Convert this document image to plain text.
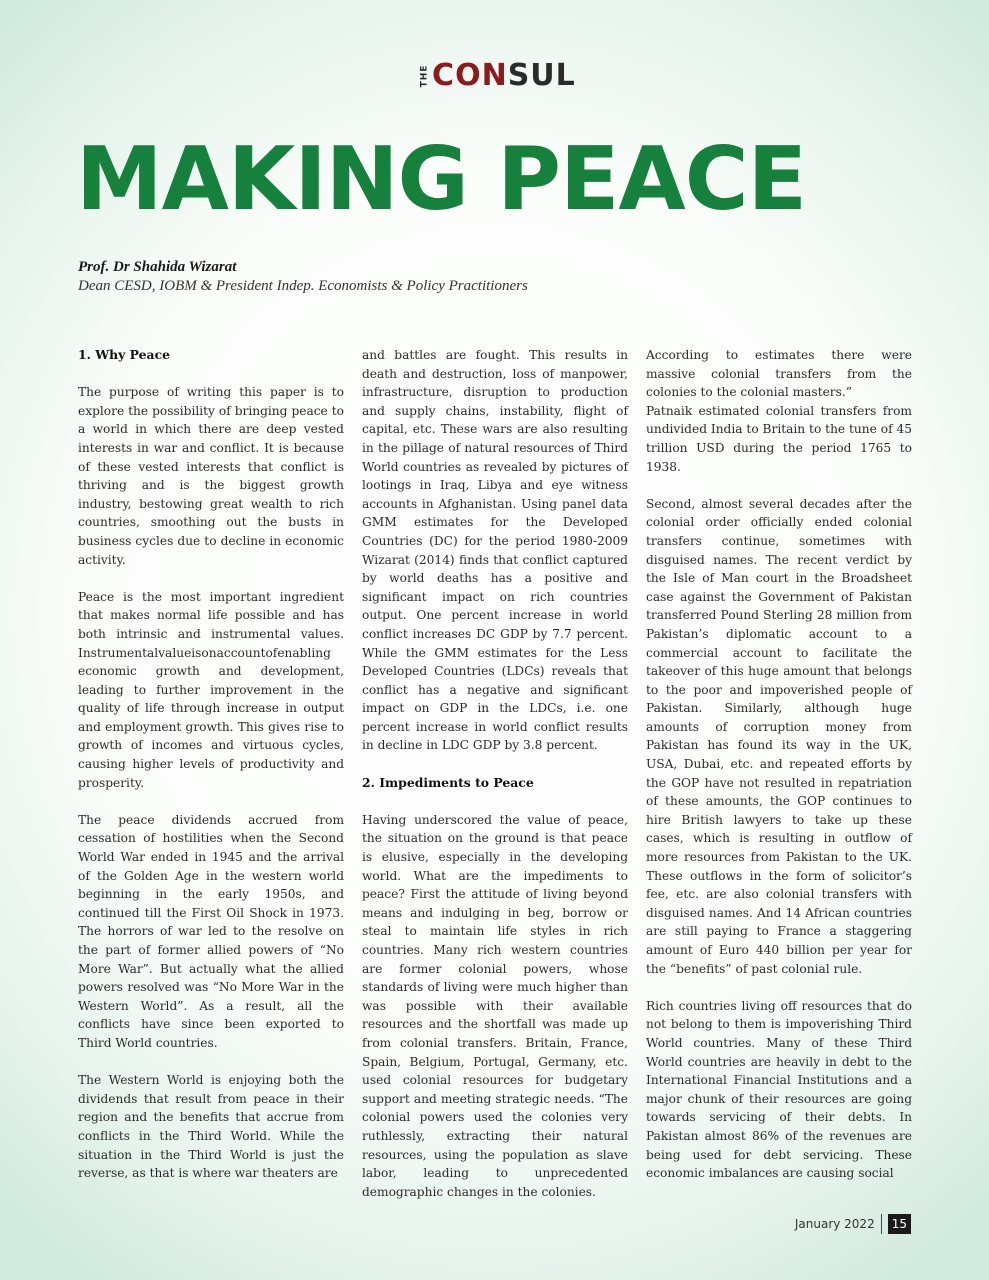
THECONSUL
MAKING PEACE
Prof. Dr Shahida Wizarat
Dean CESD, IOBM & President Indep. Economists & Policy Practitioners
1. Why Peace

The purpose of writing this paper is to explore the possibility of bringing peace to a world in which there are deep vested interests in war and conflict. It is because of these vested interests that conflict is thriving and is the biggest growth industry, bestowing great wealth to rich countries, smoothing out the busts in business cycles due to decline in economic activity.

Peace is the most important ingredient that makes normal life possible and has both intrinsic and instrumental values. Instrumentalvalueisonaccountofenabling economic growth and development, leading to further improvement in the quality of life through increase in output and employment growth. This gives rise to growth of incomes and virtuous cycles, causing higher levels of productivity and prosperity.

The peace dividends accrued from cessation of hostilities when the Second World War ended in 1945 and the arrival of the Golden Age in the western world beginning in the early 1950s, and continued till the First Oil Shock in 1973. The horrors of war led to the resolve on the part of former allied powers of “No More War”. But actually what the allied powers resolved was “No More War in the Western World”. As a result, all the conflicts have since been exported to Third World countries.

The Western World is enjoying both the dividends that result from peace in their region and the benefits that accrue from conflicts in the Third World. While the situation in the Third World is just the reverse, as that is where war theaters are

and battles are fought. This results in death and destruction, loss of manpower, infrastructure, disruption to production and supply chains, instability, flight of capital, etc. These wars are also resulting in the pillage of natural resources of Third World countries as revealed by pictures of lootings in Iraq, Libya and eye witness accounts in Afghanistan. Using panel data GMM estimates for the Developed Countries (DC) for the period 1980-2009 Wizarat (2014) finds that conflict captured by world deaths has a positive and significant impact on rich countries output. One percent increase in world conflict increases DC GDP by 7.7 percent. While the GMM estimates for the Less Developed Countries (LDCs) reveals that conflict has a negative and significant impact on GDP in the LDCs, i.e. one percent increase in world conflict results in decline in LDC GDP by 3.8 percent.

2. Impediments to Peace

Having underscored the value of peace, the situation on the ground is that peace is elusive, especially in the developing world. What are the impediments to peace? First the attitude of living beyond means and indulging in beg, borrow or steal to maintain life styles in rich countries. Many rich western countries are former colonial powers, whose standards of living were much higher than was possible with their available resources and the shortfall was made up from colonial transfers. Britain, France, Spain, Belgium, Portugal, Germany, etc. used colonial resources for budgetary support and meeting strategic needs. “The colonial powers used the colonies very ruthlessly, extracting their natural resources, using the population as slave labor, leading to unprecedented demographic changes in the colonies.

According to estimates there were massive colonial transfers from the colonies to the colonial masters.”

Patnaik estimated colonial transfers from undivided India to Britain to the tune of 45 trillion USD during the period 1765 to 1938.

Second, almost several decades after the colonial order officially ended colonial transfers continue, sometimes with disguised names. The recent verdict by the Isle of Man court in the Broadsheet case against the Government of Pakistan transferred Pound Sterling 28 million from Pakistan’s diplomatic account to a commercial account to facilitate the takeover of this huge amount that belongs to the poor and impoverished people of Pakistan. Similarly, although huge amounts of corruption money from Pakistan has found its way in the UK, USA, Dubai, etc. and repeated efforts by the GOP have not resulted in repatriation of these amounts, the GOP continues to hire British lawyers to take up these cases, which is resulting in outflow of more resources from Pakistan to the UK. These outflows in the form of solicitor’s fee, etc. are also colonial transfers with disguised names. And 14 African countries are still paying to France a staggering amount of Euro 440 billion per year for the “benefits” of past colonial rule.

Rich countries living off resources that do not belong to them is impoverishing Third World countries. Many of these Third World countries are heavily in debt to the International Financial Institutions and a major chunk of their resources are going towards servicing of their debts. In Pakistan almost 86% of the revenues are being used for debt servicing. These economic imbalances are causing social

January 2022	15
